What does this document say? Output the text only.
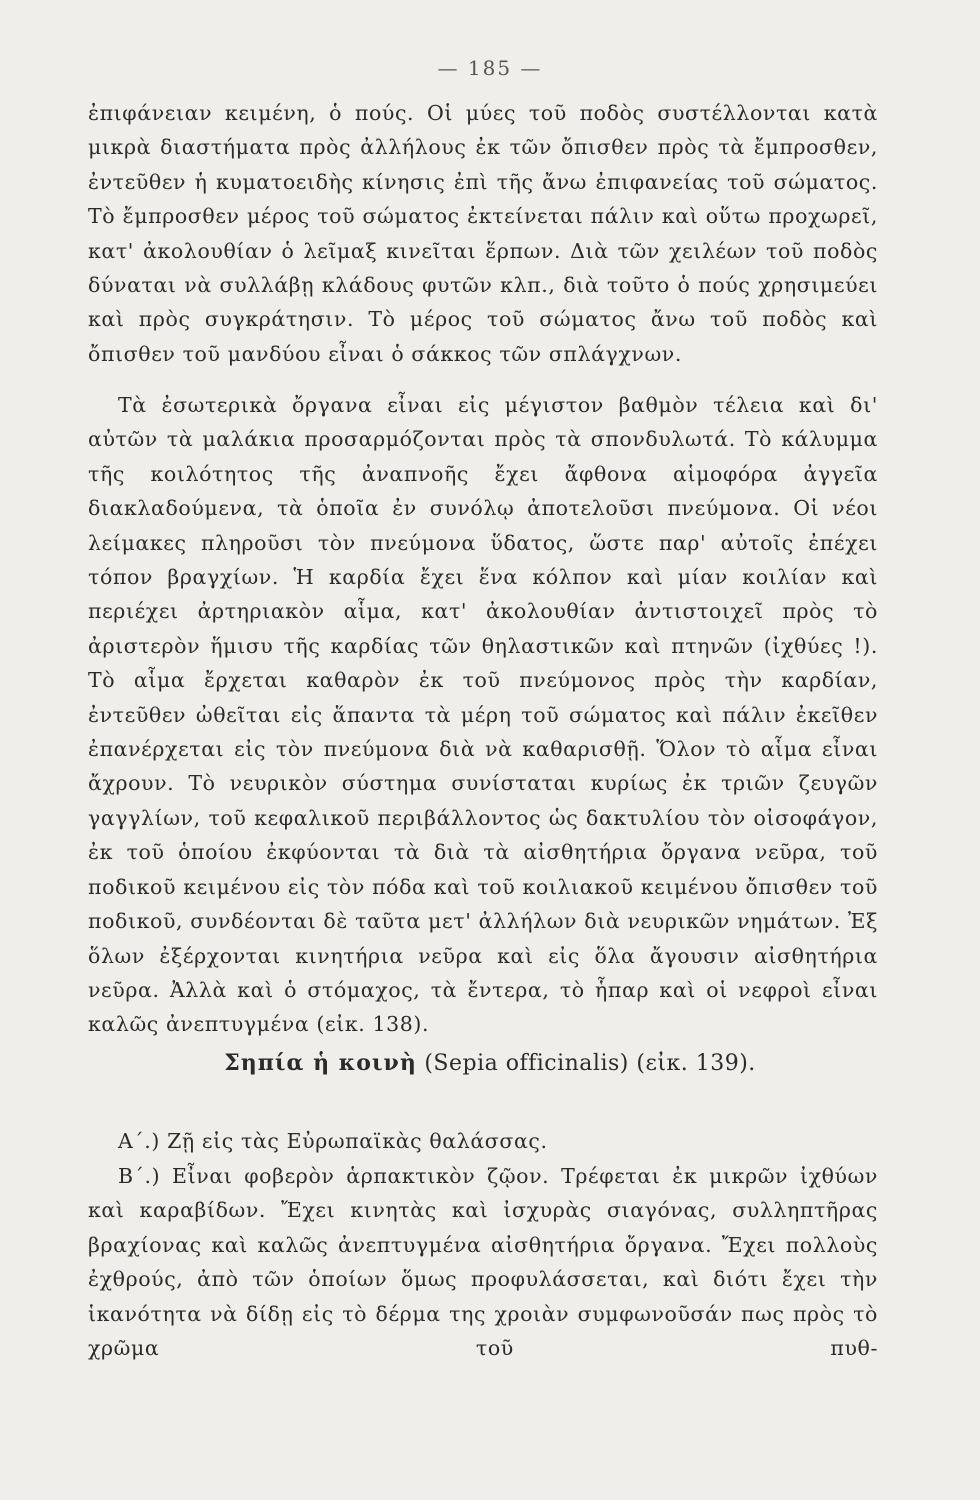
— 185 —
ἐπιφάνειαν κειμένη, ὁ πούς. Οἱ μύες τοῦ ποδὸς συστέλλονται κατὰ μικρὰ διαστήματα πρὸς ἀλλήλους ἐκ τῶν ὄπισθεν πρὸς τὰ ἔμπροσθεν, ἐντεῦθεν ἡ κυματοειδὴς κίνησις ἐπὶ τῆς ἄνω ἐπιφανείας τοῦ σώματος. Τὸ ἔμπροσθεν μέρος τοῦ σώματος ἐκτείνεται πάλιν καὶ οὕτω προχωρεῖ, κατ' ἀκολουθίαν ὁ λεῖμαξ κινεῖται ἕρπων. Διὰ τῶν χειλέων τοῦ ποδὸς δύναται νὰ συλλάβῃ κλάδους φυτῶν κλπ., διὰ τοῦτο ὁ πούς χρησιμεύει καὶ πρὸς συγκράτησιν. Τὸ μέρος τοῦ σώματος ἄνω τοῦ ποδὸς καὶ ὄπισθεν τοῦ μανδύου εἶναι ὁ σάκκος τῶν σπλάγχνων.
Τὰ ἐσωτερικὰ ὄργανα εἶναι εἰς μέγιστον βαθμὸν τέλεια καὶ δι' αὐτῶν τὰ μαλάκια προσαρμόζονται πρὸς τὰ σπονδυλωτά. Τὸ κάλυμμα τῆς κοιλότητος τῆς ἀναπνοῆς ἔχει ἄφθονα αἱμοφόρα ἀγγεῖα διακλαδούμενα, τὰ ὁποῖα ἐν συνόλῳ ἀποτελοῦσι πνεύμονα. Οἱ νέοι λείμακες πληροῦσι τὸν πνεύμονα ὕδατος, ὥστε παρ' αὐτοῖς ἐπέχει τόπον βραγχίων. Ἡ καρδία ἔχει ἕνα κόλπον καὶ μίαν κοιλίαν καὶ περιέχει ἀρτηριακὸν αἷμα, κατ' ἀκολουθίαν ἀντιστοιχεῖ πρὸς τὸ ἀριστερὸν ἥμισυ τῆς καρδίας τῶν θηλαστικῶν καὶ πτηνῶν (ἰχθύες !). Τὸ αἷμα ἔρχεται καθαρὸν ἐκ τοῦ πνεύμονος πρὸς τὴν καρδίαν, ἐντεῦθεν ὠθεῖται εἰς ἅπαντα τὰ μέρη τοῦ σώματος καὶ πάλιν ἐκεῖθεν ἐπανέρχεται εἰς τὸν πνεύμονα διὰ νὰ καθαρισθῇ. Ὅλον τὸ αἷμα εἶναι ἄχρουν. Τὸ νευρικὸν σύστημα συνίσταται κυρίως ἐκ τριῶν ζευγῶν γαγγλίων, τοῦ κεφαλικοῦ περιβάλλοντος ὡς δακτυλίου τὸν οἰσοφάγον, ἐκ τοῦ ὁποίου ἐκφύονται τὰ διὰ τὰ αἰσθητήρια ὄργανα νεῦρα, τοῦ ποδικοῦ κειμένου εἰς τὸν πόδα καὶ τοῦ κοιλιακοῦ κειμένου ὄπισθεν τοῦ ποδικοῦ, συνδέονται δὲ ταῦτα μετ' ἀλλήλων διὰ νευρικῶν νημάτων. Ἐξ ὅλων ἐξέρχονται κινητήρια νεῦρα καὶ εἰς ὅλα ἄγουσιν αἰσθητήρια νεῦρα. Ἀλλὰ καὶ ὁ στόμαχος, τὰ ἔντερα, τὸ ἧπαρ καὶ οἱ νεφροὶ εἶναι καλῶς ἀνεπτυγμένα (εἰκ. 138).
Σηπία ἡ κοινὴ (Sepia officinalis) (εἰκ. 139).
Α΄.) Ζῇ εἰς τὰς Εὐρωπαϊκὰς θαλάσσας.
Β΄.) Εἶναι φοβερὸν ἁρπακτικὸν ζῷον. Τρέφεται ἐκ μικρῶν ἰχθύων καὶ καραβίδων. Ἔχει κινητὰς καὶ ἰσχυρὰς σιαγόνας, συλληπτῆρας βραχίονας καὶ καλῶς ἀνεπτυγμένα αἰσθητήρια ὄργανα. Ἔχει πολλοὺς ἐχθρούς, ἀπὸ τῶν ὁποίων ὅμως προφυλάσσεται, καὶ διότι ἔχει τὴν ἱκανότητα νὰ δίδῃ εἰς τὸ δέρμα της χροιὰν συμφωνοῦσάν πως πρὸς τὸ χρῶμα τοῦ πυθ-
